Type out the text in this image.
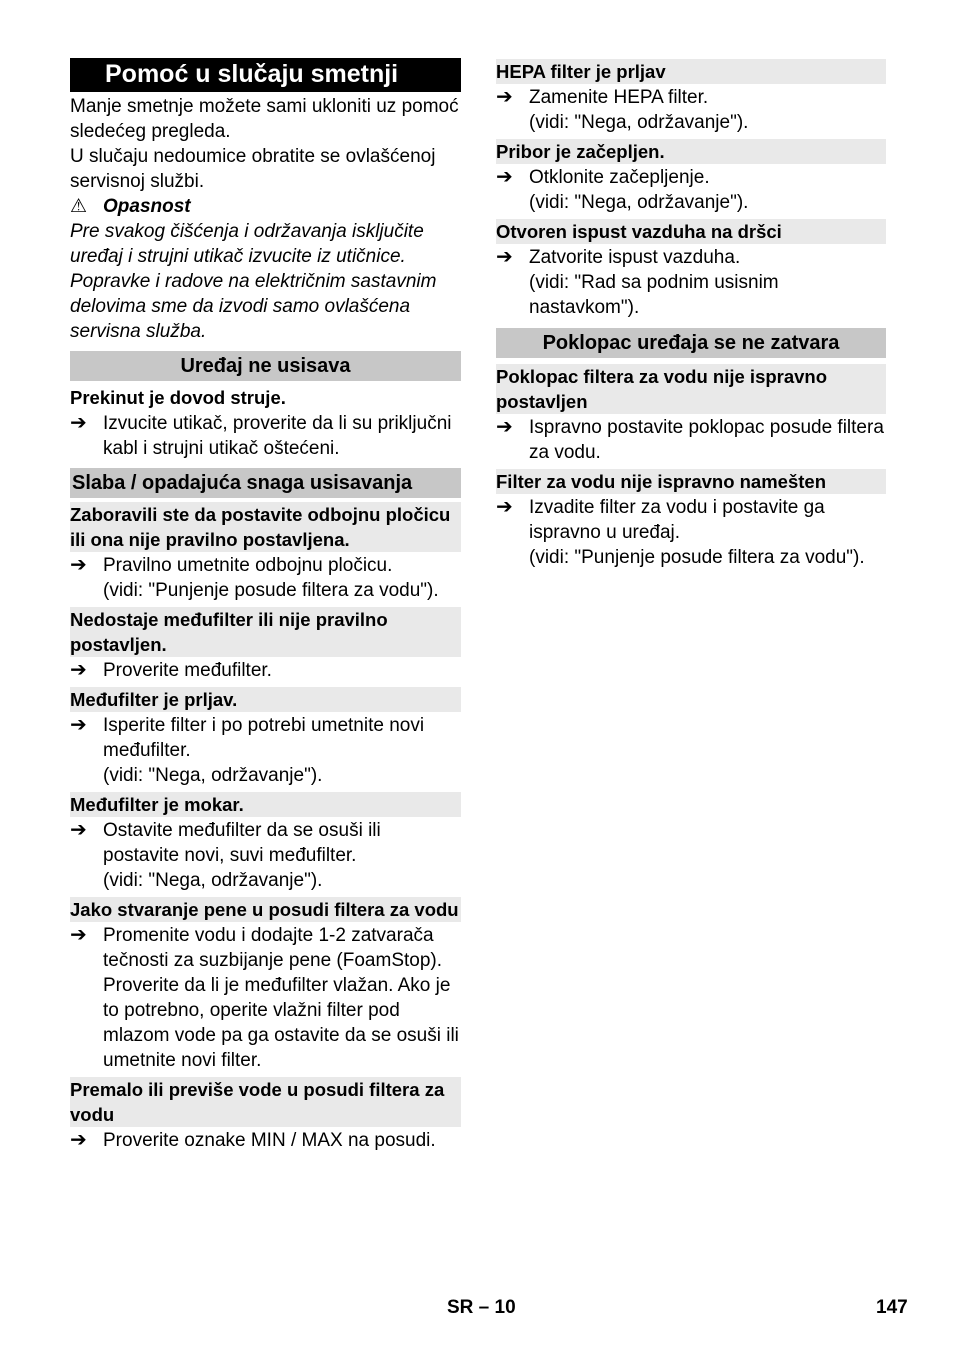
Pomoć u slučaju smetnji

Manje smetnje možete sami ukloniti uz pomoć sledećeg pregleda.

U slučaju nedoumice obratite se ovlašćenoj servisnoj službi.

⚠ Opasnost

Pre svakog čišćenja i održavanja isključite uređaj i strujni utikač izvucite iz utičnice.

Popravke i radove na električnim sastavnim delovima sme da izvodi samo ovlašćena servisna služba.

Uređaj ne usisava
Prekinut je dovod struje.
➔ Izvucite utikač, proverite da li su priključni kabl i strujni utikač oštećeni.
Slaba / opadajuća snaga usisavanja
Zaboravili ste da postavite odbojnu pločicu ili ona nije pravilno postavljena.
➔ Pravilno umetnite odbojnu pločicu.
(vidi: "Punjenje posude filtera za vodu").
Nedostaje međufilter ili nije pravilno postavljen.
➔ Proverite međufilter.
Međufilter je prljav.
➔ Isperite filter i po potrebi umetnite novi međufilter.
(vidi: "Nega, održavanje").
Međufilter je mokar.
➔ Ostavite međufilter da se osuši ili postavite novi, suvi međufilter.
(vidi: "Nega, održavanje").
Jako stvaranje pene u posudi filtera za vodu
➔ Promenite vodu i dodajte 1-2 zatvarača tečnosti za suzbijanje pene (FoamStop). Proverite da li je međufilter vlažan. Ako je to potrebno, operite vlažni filter pod mlazom vode pa ga ostavite da se osuši ili umetnite novi filter.
Premalo ili previše vode u posudi filtera za vodu
➔ Proverite oznake MIN / MAX na posudi.
HEPA filter je prljav
➔ Zamenite HEPA filter.
(vidi: "Nega, održavanje").
Pribor je začepljen.
➔ Otklonite začepljenje.
(vidi: "Nega, održavanje").
Otvoren ispust vazduha na dršci
➔ Zatvorite ispust vazduha.
(vidi: "Rad sa podnim usisnim nastavkom").
Poklopac uređaja se ne zatvara
Poklopac filtera za vodu nije ispravno postavljen
➔ Ispravno postavite poklopac posude filtera za vodu.
Filter za vodu nije ispravno namešten
➔ Izvadite filter za vodu i postavite ga ispravno u uređaj.
(vidi: "Punjenje posude filtera za vodu").
SR – 10	147
